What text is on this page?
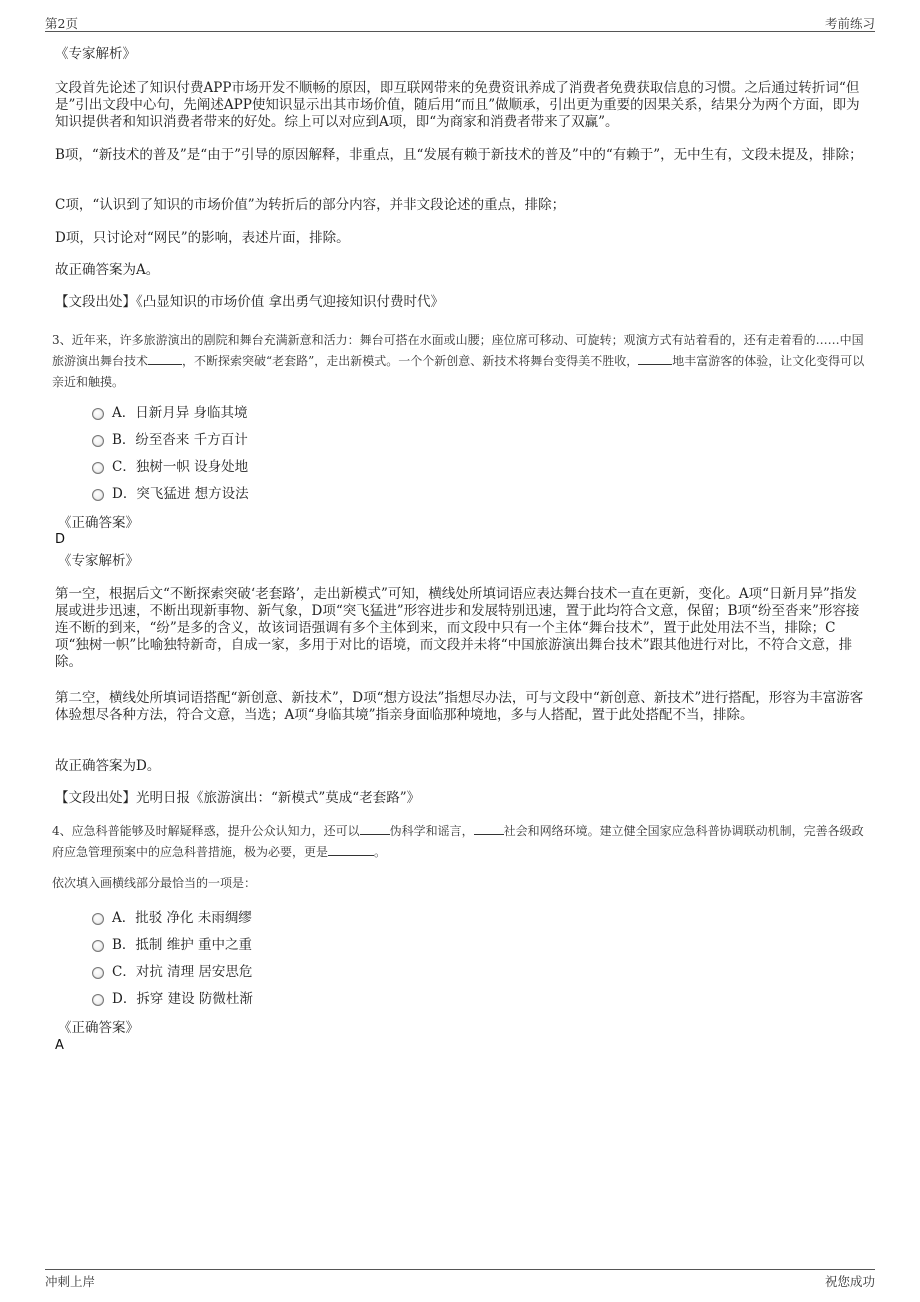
第2页	考前练习
《专家解析》
文段首先论述了知识付费APP市场开发不顺畅的原因，即互联网带来的免费资讯养成了消费者免费获取信息的习惯。之后通过转折词“但是”引出文段中心句，先阐述APP使知识显示出其市场价值，随后用“而且”做顺承，引出更为重要的因果关系，结果分为两个方面，即为知识提供者和知识消费者带来的好处。综上可以对应到A项，即“为商家和消费者带来了双赢”。
B项，“新技术的普及”是“由于”引导的原因解释，非重点，且“发展有赖于新技术的普及”中的“有赖于”，无中生有，文段未提及，排除；
C项，“认识到了知识的市场价值”为转折后的部分内容，并非文段论述的重点，排除；
D项，只讨论对“网民”的影响，表述片面，排除。
故正确答案为A。
【文段出处】《凸显知识的市场价值 拿出勇气迎接知识付费时代》
3、近年来，许多旅游演出的剧院和舞台充满新意和活力：舞台可搭在水面或山腰；座位席可移动、可旋转；观演方式有站着看的，还有走着看的……中国旅游演出舞台技术	，不断探索突破“老套路”，走出新模式。一个个新创意、新技术将舞台变得美不胜收，	地丰富游客的体验，让文化变得可以亲近和触摸。
A．日新月异 身临其境
B．纷至沓来 千方百计
C．独树一帜 设身处地
D．突飞猛进 想方设法
《正确答案》
D
《专家解析》
第一空，根据后文“不断探索突破‘老套路’，走出新模式”可知，横线处所填词语应表达舞台技术一直在更新，变化。A项“日新月异”指发展或进步迅速，不断出现新事物、新气象，D项“突飞猛进”形容进步和发展特别迅速，置于此均符合文意，保留；B项“纷至沓来”形容接连不断的到来，“纷”是多的含义，故该词语强调有多个主体到来，而文段中只有一个主体“舞台技术”，置于此处用法不当，排除；C项“独树一帜”比喻独特新奇，自成一家，多用于对比的语境，而文段并未将“中国旅游演出舞台技术”跟其他进行对比，不符合文意，排除。
第二空，横线处所填词语搭配“新创意、新技术”，D项“想方设法”指想尽办法，可与文段中“新创意、新技术”进行搭配，形容为丰富游客体验想尽各种方法，符合文意，当选；A项“身临其境”指亲身面临那种境地，多与人搭配，置于此处搭配不当，排除。
故正确答案为D。
【文段出处】光明日报《旅游演出：“新模式”莫成“老套路”》
4、应急科普能够及时解疑释惑，提升公众认知力，还可以	伪科学和谣言，	社会和网络环境。建立健全国家应急科普协调联动机制，完善各级政府应急管理预案中的应急科普措施，极为必要，更是	。
依次填入画横线部分最恰当的一项是：
A．批驳 净化 未雨绸缪
B．抵制 维护 重中之重
C．对抗 清理 居安思危
D．拆穿 建设 防微杜渐
《正确答案》
A
冲刺上岸	祝您成功
